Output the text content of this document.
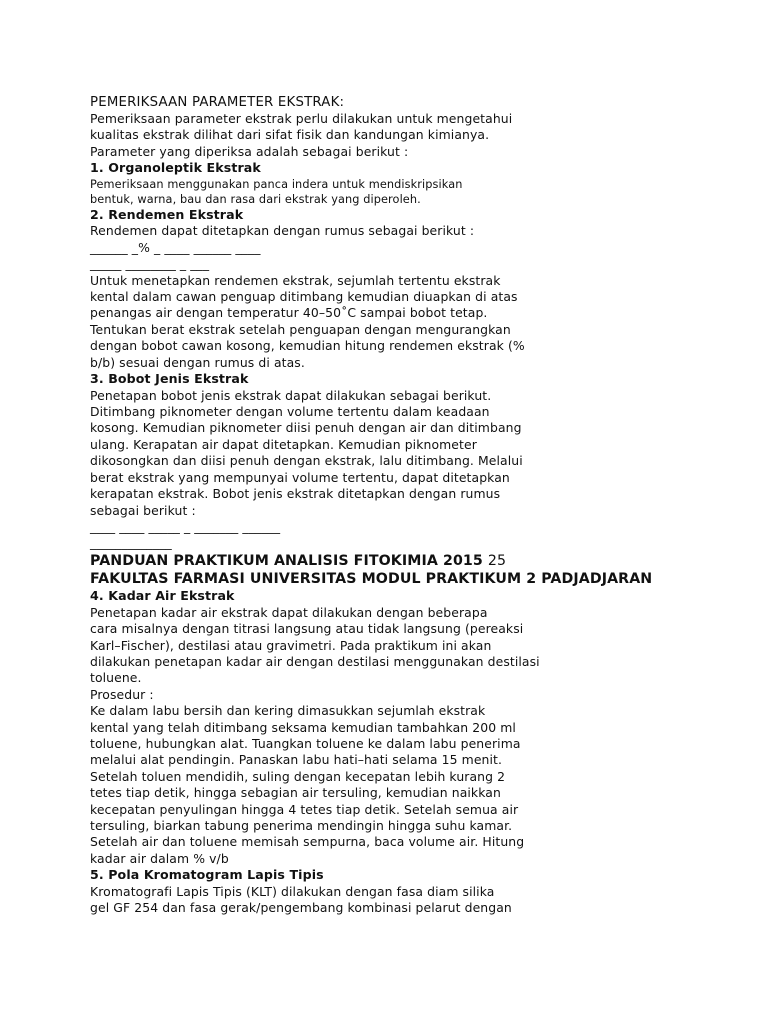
PEMERIKSAAN PARAMETER EKSTRAK:
Pemeriksaan parameter ekstrak perlu dilakukan untuk mengetahui
kualitas ekstrak dilihat dari sifat fisik dan kandungan kimianya.
Parameter yang diperiksa adalah sebagai berikut :
1. Organoleptik Ekstrak
Pemeriksaan menggunakan panca indera untuk mendiskripsikan
bentuk, warna, bau dan rasa dari ekstrak yang diperoleh.
2. Rendemen Ekstrak
Rendemen dapat ditetapkan dengan rumus sebagai berikut :
______ _% _ ____ ______ ____
_____ ________ _ ___
Untuk menetapkan rendemen ekstrak, sejumlah tertentu ekstrak
kental dalam cawan penguap ditimbang kemudian diuapkan di atas
penangas air dengan temperatur 40–50˚C sampai bobot tetap.
Tentukan berat ekstrak setelah penguapan dengan mengurangkan
dengan bobot cawan kosong, kemudian hitung rendemen ekstrak (%
b/b) sesuai dengan rumus di atas.
3. Bobot Jenis Ekstrak
Penetapan bobot jenis ekstrak dapat dilakukan sebagai berikut.
Ditimbang piknometer dengan volume tertentu dalam keadaan
kosong. Kemudian piknometer diisi penuh dengan air dan ditimbang
ulang. Kerapatan air dapat ditetapkan. Kemudian piknometer
dikosongkan dan diisi penuh dengan ekstrak, lalu ditimbang. Melalui
berat ekstrak yang mempunyai volume tertentu, dapat ditetapkan
kerapatan ekstrak. Bobot jenis ekstrak ditetapkan dengan rumus
sebagai berikut :
____ ____ _____ _ _______ ______
_____________
PANDUAN PRAKTIKUM ANALISIS FITOKIMIA 2015 25
FAKULTAS FARMASI UNIVERSITAS MODUL PRAKTIKUM 2 PADJADJARAN
4. Kadar Air Ekstrak
Penetapan kadar air ekstrak dapat dilakukan dengan beberapa
cara misalnya dengan titrasi langsung atau tidak langsung (pereaksi
Karl–Fischer), destilasi atau gravimetri. Pada praktikum ini akan
dilakukan penetapan kadar air dengan destilasi menggunakan destilasi
toluene.
Prosedur :
Ke dalam labu bersih dan kering dimasukkan sejumlah ekstrak
kental yang telah ditimbang seksama kemudian tambahkan 200 ml
toluene, hubungkan alat. Tuangkan toluene ke dalam labu penerima
melalui alat pendingin. Panaskan labu hati–hati selama 15 menit.
Setelah toluen mendidih, suling dengan kecepatan lebih kurang 2
tetes tiap detik, hingga sebagian air tersuling, kemudian naikkan
kecepatan penyulingan hingga 4 tetes tiap detik. Setelah semua air
tersuling, biarkan tabung penerima mendingin hingga suhu kamar.
Setelah air dan toluene memisah sempurna, baca volume air. Hitung
kadar air dalam % v/b
5. Pola Kromatogram Lapis Tipis
Kromatografi Lapis Tipis (KLT) dilakukan dengan fasa diam silika
gel GF 254 dan fasa gerak/pengembang kombinasi pelarut dengan
